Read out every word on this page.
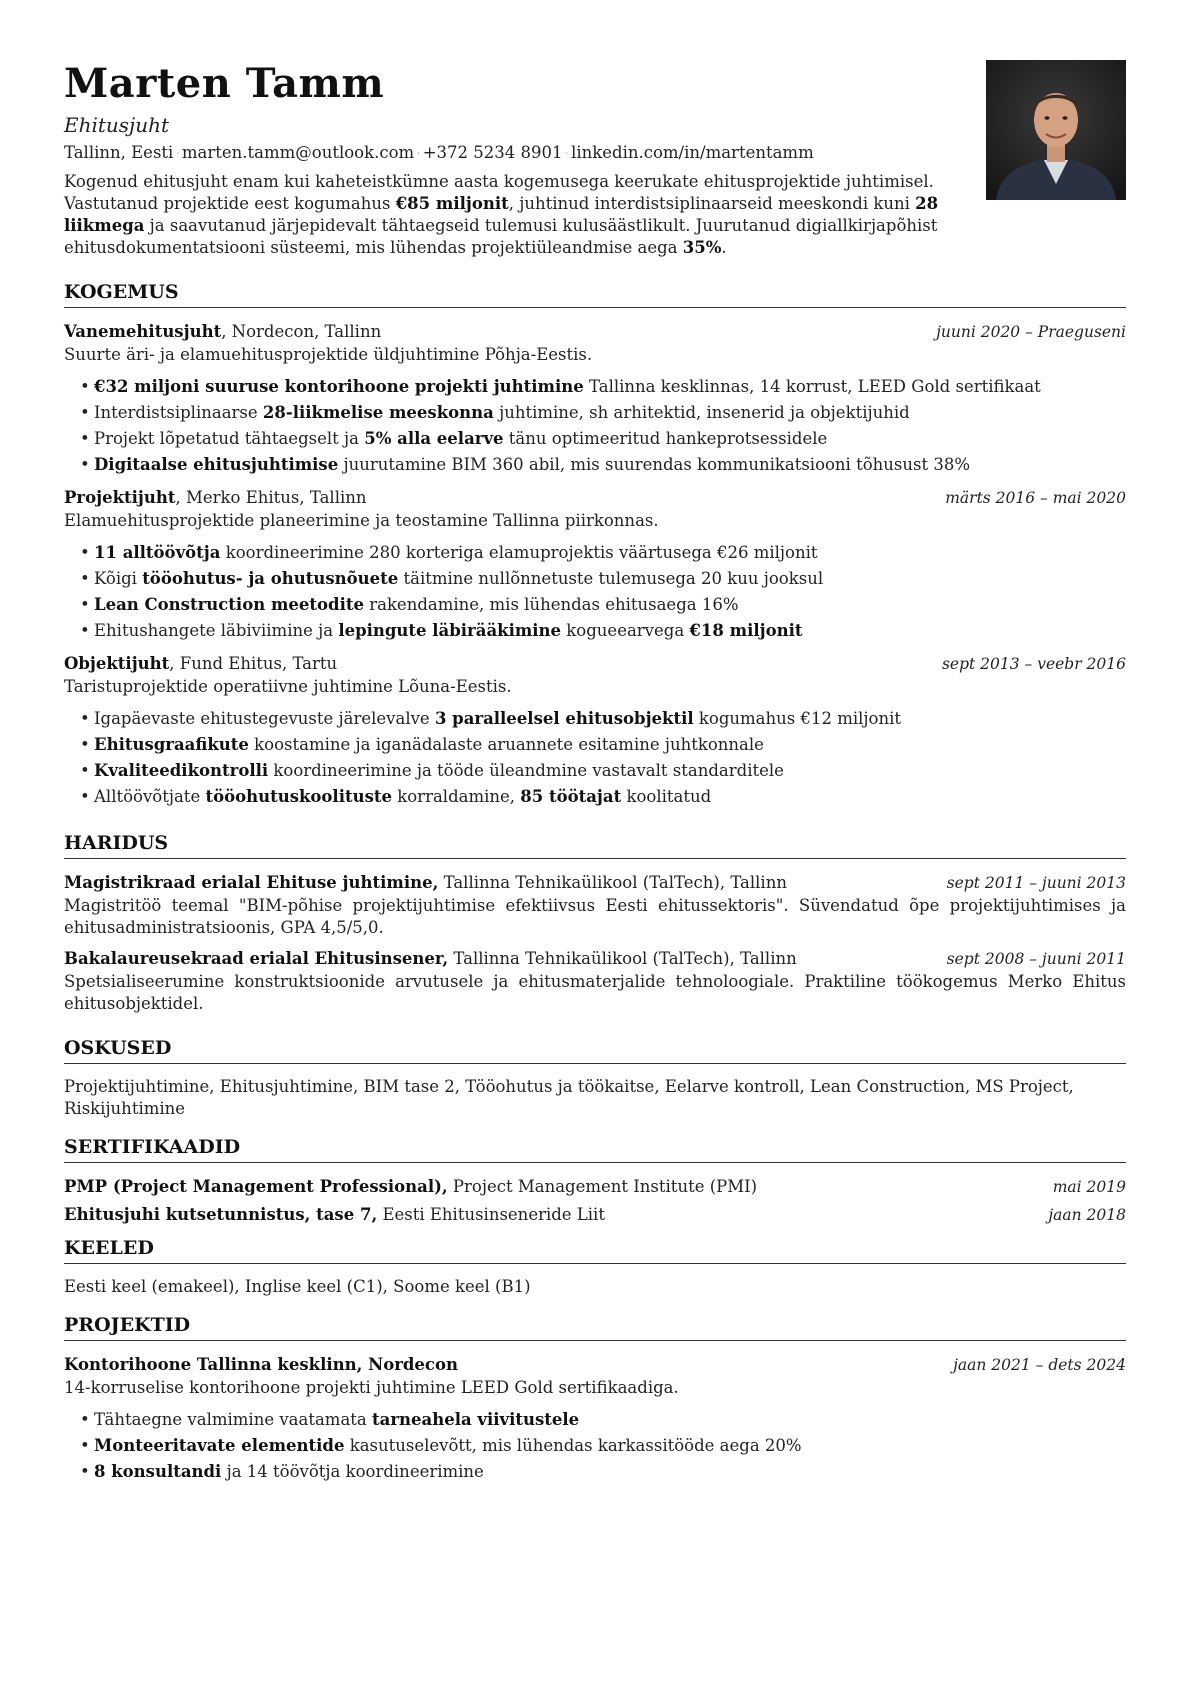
Marten Tamm
Ehitusjuht
Tallinn, Eesti · marten.tamm@outlook.com · +372 5234 8901 · linkedin.com/in/martentamm
Kogenud ehitusjuht enam kui kaheteistkümne aasta kogemusega keerukate ehitusprojektide juhtimisel. Vastutanud projektide eest kogumahus €85 miljonit, juhtinud interdistsiplinaarseid meeskondi kuni 28 liikmega ja saavutanud järjepidevalt tähtaegseid tulemusi kulusäästlikult. Juurutanud digiallkirjapõhist ehitusdokumentatsiooni süsteemi, mis lühendas projektiüleandmise aega 35%.
KOGEMUS
Vanemehitusjuht, Nordecon, Tallinn	juuni 2020 – Praeguseni
Suurte äri- ja elamuehitusprojektide üldjuhtimine Põhja-Eestis.
• €32 miljoni suuruse kontorihoone projekti juhtimine Tallinna kesklinnas, 14 korrust, LEED Gold sertifikaat
• Interdistsiplinaarse 28-liikmelise meeskonna juhtimine, sh arhitektid, insenerid ja objektijuhid
• Projekt lõpetatud tähtaegselt ja 5% alla eelarve tänu optimeeritud hankeprotsessidele
• Digitaalse ehitusjuhtimise juurutamine BIM 360 abil, mis suurendas kommunikatsiooni tõhusust 38%
Projektijuht, Merko Ehitus, Tallinn	märts 2016 – mai 2020
Elamuehitusprojektide planeerimine ja teostamine Tallinna piirkonnas.
• 11 alltöövõtja koordineerimine 280 korteriga elamuprojektis väärtusega €26 miljonit
• Kõigi tööohutus- ja ohutusnõuete täitmine nullõnnetuste tulemusega 20 kuu jooksul
• Lean Construction meetodite rakendamine, mis lühendas ehitusaega 16%
• Ehitushangete läbiviimine ja lepingute läbirääkimine kogueearvega €18 miljonit
Objektijuht, Fund Ehitus, Tartu	sept 2013 – veebr 2016
Taristuprojektide operatiivne juhtimine Lõuna-Eestis.
• Igapäevaste ehitustegevuste järelevalve 3 paralleelsel ehitusobjektil kogumahus €12 miljonit
• Ehitusgraafikute koostamine ja iganädalaste aruannete esitamine juhtkonnale
• Kvaliteedikontrolli koordineerimine ja tööde üleandmine vastavalt standarditele
• Alltöövõtjate tööohutuskoolituste korraldamine, 85 töötajat koolitatud
HARIDUS
Magistrikraad erialal Ehituse juhtimine, Tallinna Tehnikaülikool (TalTech), Tallinn	sept 2011 – juuni 2013
Magistritöö teemal "BIM-põhise projektijuhtimise efektiivsus Eesti ehitussektoris". Süvendatud õpe projektijuhtimises ja ehitusadministratsioonis, GPA 4,5/5,0.
Bakalaureusekraad erialal Ehitusinsener, Tallinna Tehnikaülikool (TalTech), Tallinn	sept 2008 – juuni 2011
Spetsialiseerumine konstruktsioonide arvutusele ja ehitusmaterjalide tehnoloogiale. Praktiline töökogemus Merko Ehitus ehitusobjektidel.
OSKUSED
Projektijuhtimine, Ehitusjuhtimine, BIM tase 2, Tööohutus ja töökaitse, Eelarve kontroll, Lean Construction, MS Project, Riskijuhtimine
SERTIFIKAADID
PMP (Project Management Professional), Project Management Institute (PMI)	mai 2019
Ehitusjuhi kutsetunnistus, tase 7, Eesti Ehitusinseneride Liit	jaan 2018
KEELED
Eesti keel (emakeel), Inglise keel (C1), Soome keel (B1)
PROJEKTID
Kontorihoone Tallinna kesklinn, Nordecon	jaan 2021 – dets 2024
14-korruselise kontorihoone projekti juhtimine LEED Gold sertifikaadiga.
• Tähtaegne valmimine vaatamata tarneahela viivitustele
• Monteeritavate elementide kasutuselevõtt, mis lühendas karkassitööde aega 20%
• 8 konsultandi ja 14 töövõtja koordineerimine
